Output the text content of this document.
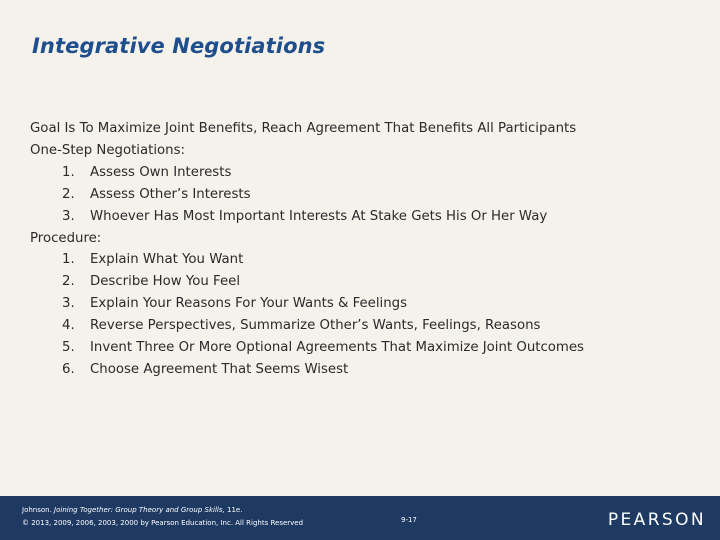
Integrative Negotiations
Goal Is To Maximize Joint Benefits, Reach Agreement That Benefits All Participants
One-Step Negotiations:
1. Assess Own Interests
2. Assess Other’s Interests
3. Whoever Has Most Important Interests At Stake Gets His Or Her Way
Procedure:
1. Explain What You Want
2. Describe How You Feel
3. Explain Your Reasons For Your Wants & Feelings
4. Reverse Perspectives, Summarize Other’s Wants, Feelings, Reasons
5. Invent Three Or More Optional Agreements That Maximize Joint Outcomes
6. Choose Agreement That Seems Wisest
Johnson. Joining Together: Group Theory and Group Skills, 11e.
© 2013, 2009, 2006, 2003, 2000 by Pearson Education, Inc. All Rights Reserved	9-17	PEARSON
